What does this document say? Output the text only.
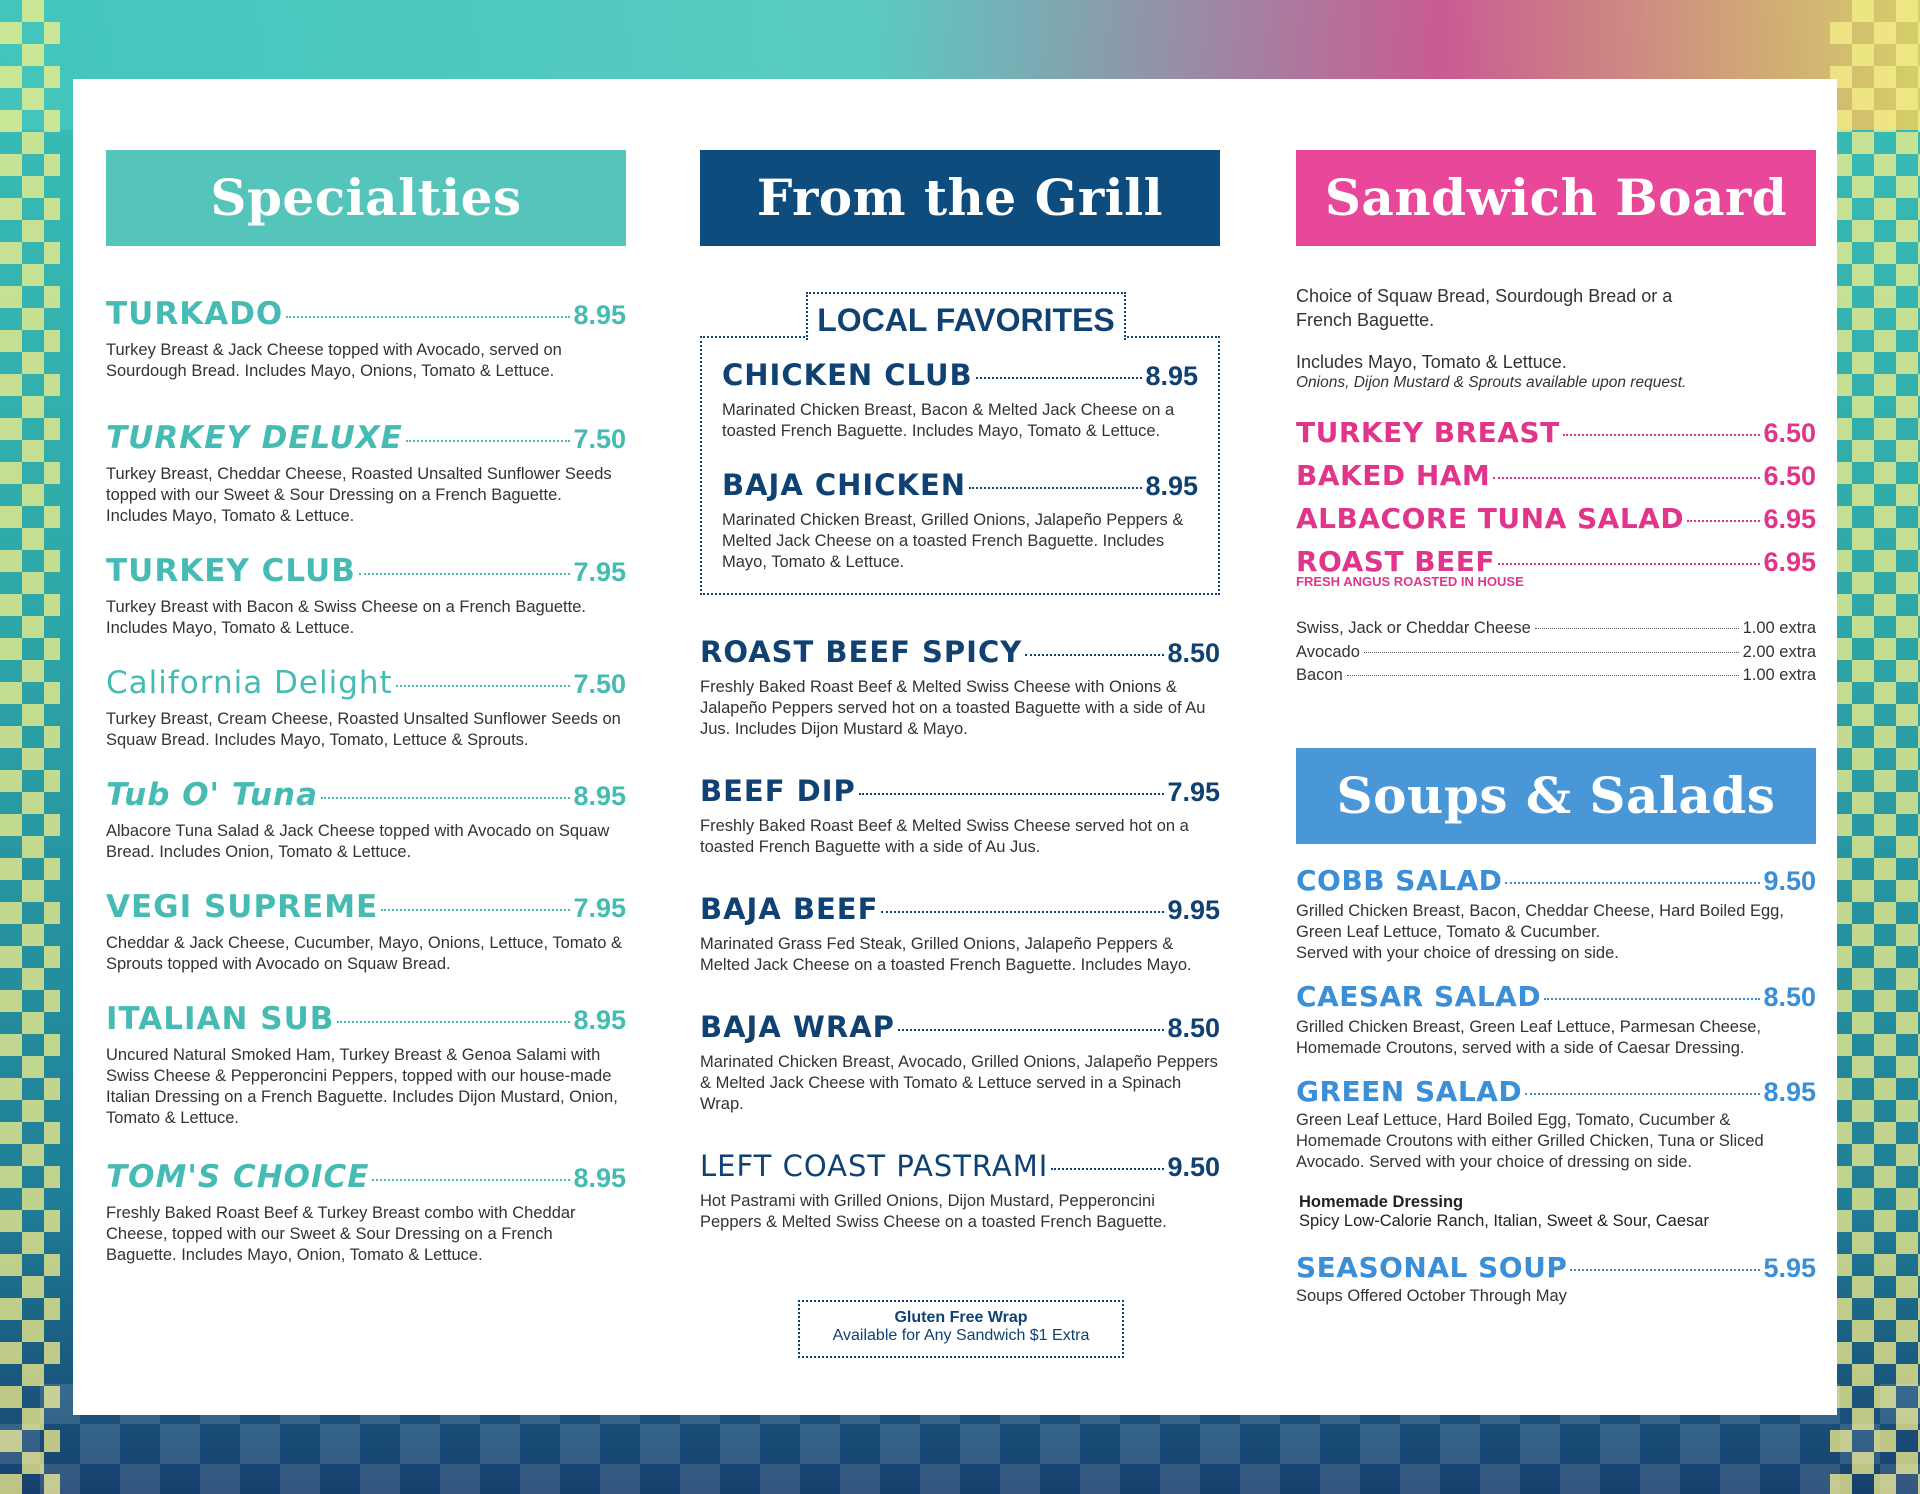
Specialties
TURKADO	8.95
Turkey Breast & Jack Cheese topped with Avocado, served on Sourdough Bread. Includes Mayo, Onions, Tomato & Lettuce.
TURKEY DELUXE	7.50
Turkey Breast, Cheddar Cheese, Roasted Unsalted Sunflower Seeds topped with our Sweet & Sour Dressing on a French Baguette. Includes Mayo, Tomato & Lettuce.
TURKEY CLUB	7.95
Turkey Breast with Bacon & Swiss Cheese on a French Baguette. Includes Mayo, Tomato & Lettuce.
California Delight	7.50
Turkey Breast, Cream Cheese, Roasted Unsalted Sunflower Seeds on Squaw Bread. Includes Mayo, Tomato, Lettuce & Sprouts.
Tub O' Tuna	8.95
Albacore Tuna Salad & Jack Cheese topped with Avocado on Squaw Bread. Includes Onion, Tomato & Lettuce.
VEGI SUPREME	7.95
Cheddar & Jack Cheese, Cucumber, Mayo, Onions, Lettuce, Tomato & Sprouts topped with Avocado on Squaw Bread.
ITALIAN SUB	8.95
Uncured Natural Smoked Ham, Turkey Breast & Genoa Salami with Swiss Cheese & Pepperoncini Peppers, topped with our house-made Italian Dressing on a French Baguette. Includes Dijon Mustard, Onion, Tomato & Lettuce.
TOM'S CHOICE	8.95
Freshly Baked Roast Beef & Turkey Breast combo with Cheddar Cheese, topped with our Sweet & Sour Dressing on a French Baguette. Includes Mayo, Onion, Tomato & Lettuce.
From the Grill
LOCAL FAVORITES
CHICKEN CLUB	8.95
Marinated Chicken Breast, Bacon & Melted Jack Cheese on a toasted French Baguette. Includes Mayo, Tomato & Lettuce.
BAJA CHICKEN	8.95
Marinated Chicken Breast, Grilled Onions, Jalapeño Peppers & Melted Jack Cheese on a toasted French Baguette. Includes Mayo, Tomato & Lettuce.
ROAST BEEF SPICY	8.50
Freshly Baked Roast Beef & Melted Swiss Cheese with Onions & Jalapeño Peppers served hot on a toasted Baguette with a side of Au Jus. Includes Dijon Mustard & Mayo.
BEEF DIP	7.95
Freshly Baked Roast Beef & Melted Swiss Cheese served hot on a toasted French Baguette with a side of Au Jus.
BAJA BEEF	9.95
Marinated Grass Fed Steak, Grilled Onions, Jalapeño Peppers & Melted Jack Cheese on a toasted French Baguette. Includes Mayo.
BAJA WRAP	8.50
Marinated Chicken Breast, Avocado, Grilled Onions, Jalapeño Peppers & Melted Jack Cheese with Tomato & Lettuce served in a Spinach Wrap.
LEFT COAST PASTRAMI	9.50
Hot Pastrami with Grilled Onions, Dijon Mustard, Pepperoncini Peppers & Melted Swiss Cheese on a toasted French Baguette.
Gluten Free Wrap
Available for Any Sandwich $1 Extra
Sandwich Board
Choice of Squaw Bread, Sourdough Bread or a French Baguette.
Includes Mayo, Tomato & Lettuce.
Onions, Dijon Mustard & Sprouts available upon request.
TURKEY BREAST	6.50
BAKED HAM	6.50
ALBACORE TUNA SALAD	6.95
ROAST BEEF	6.95
FRESH ANGUS ROASTED IN HOUSE
Swiss, Jack or Cheddar Cheese	1.00 extra
Avocado	2.00 extra
Bacon	1.00 extra
Soups & Salads
COBB SALAD	9.50
Grilled Chicken Breast, Bacon, Cheddar Cheese, Hard Boiled Egg, Green Leaf Lettuce, Tomato & Cucumber.
Served with your choice of dressing on side.
CAESAR SALAD	8.50
Grilled Chicken Breast, Green Leaf Lettuce, Parmesan Cheese, Homemade Croutons, served with a side of Caesar Dressing.
GREEN SALAD	8.95
Green Leaf Lettuce, Hard Boiled Egg, Tomato, Cucumber & Homemade Croutons with either Grilled Chicken, Tuna or Sliced Avocado. Served with your choice of dressing on side.
Homemade Dressing
Spicy Low-Calorie Ranch, Italian, Sweet & Sour, Caesar
SEASONAL SOUP	5.95
Soups Offered October Through May
